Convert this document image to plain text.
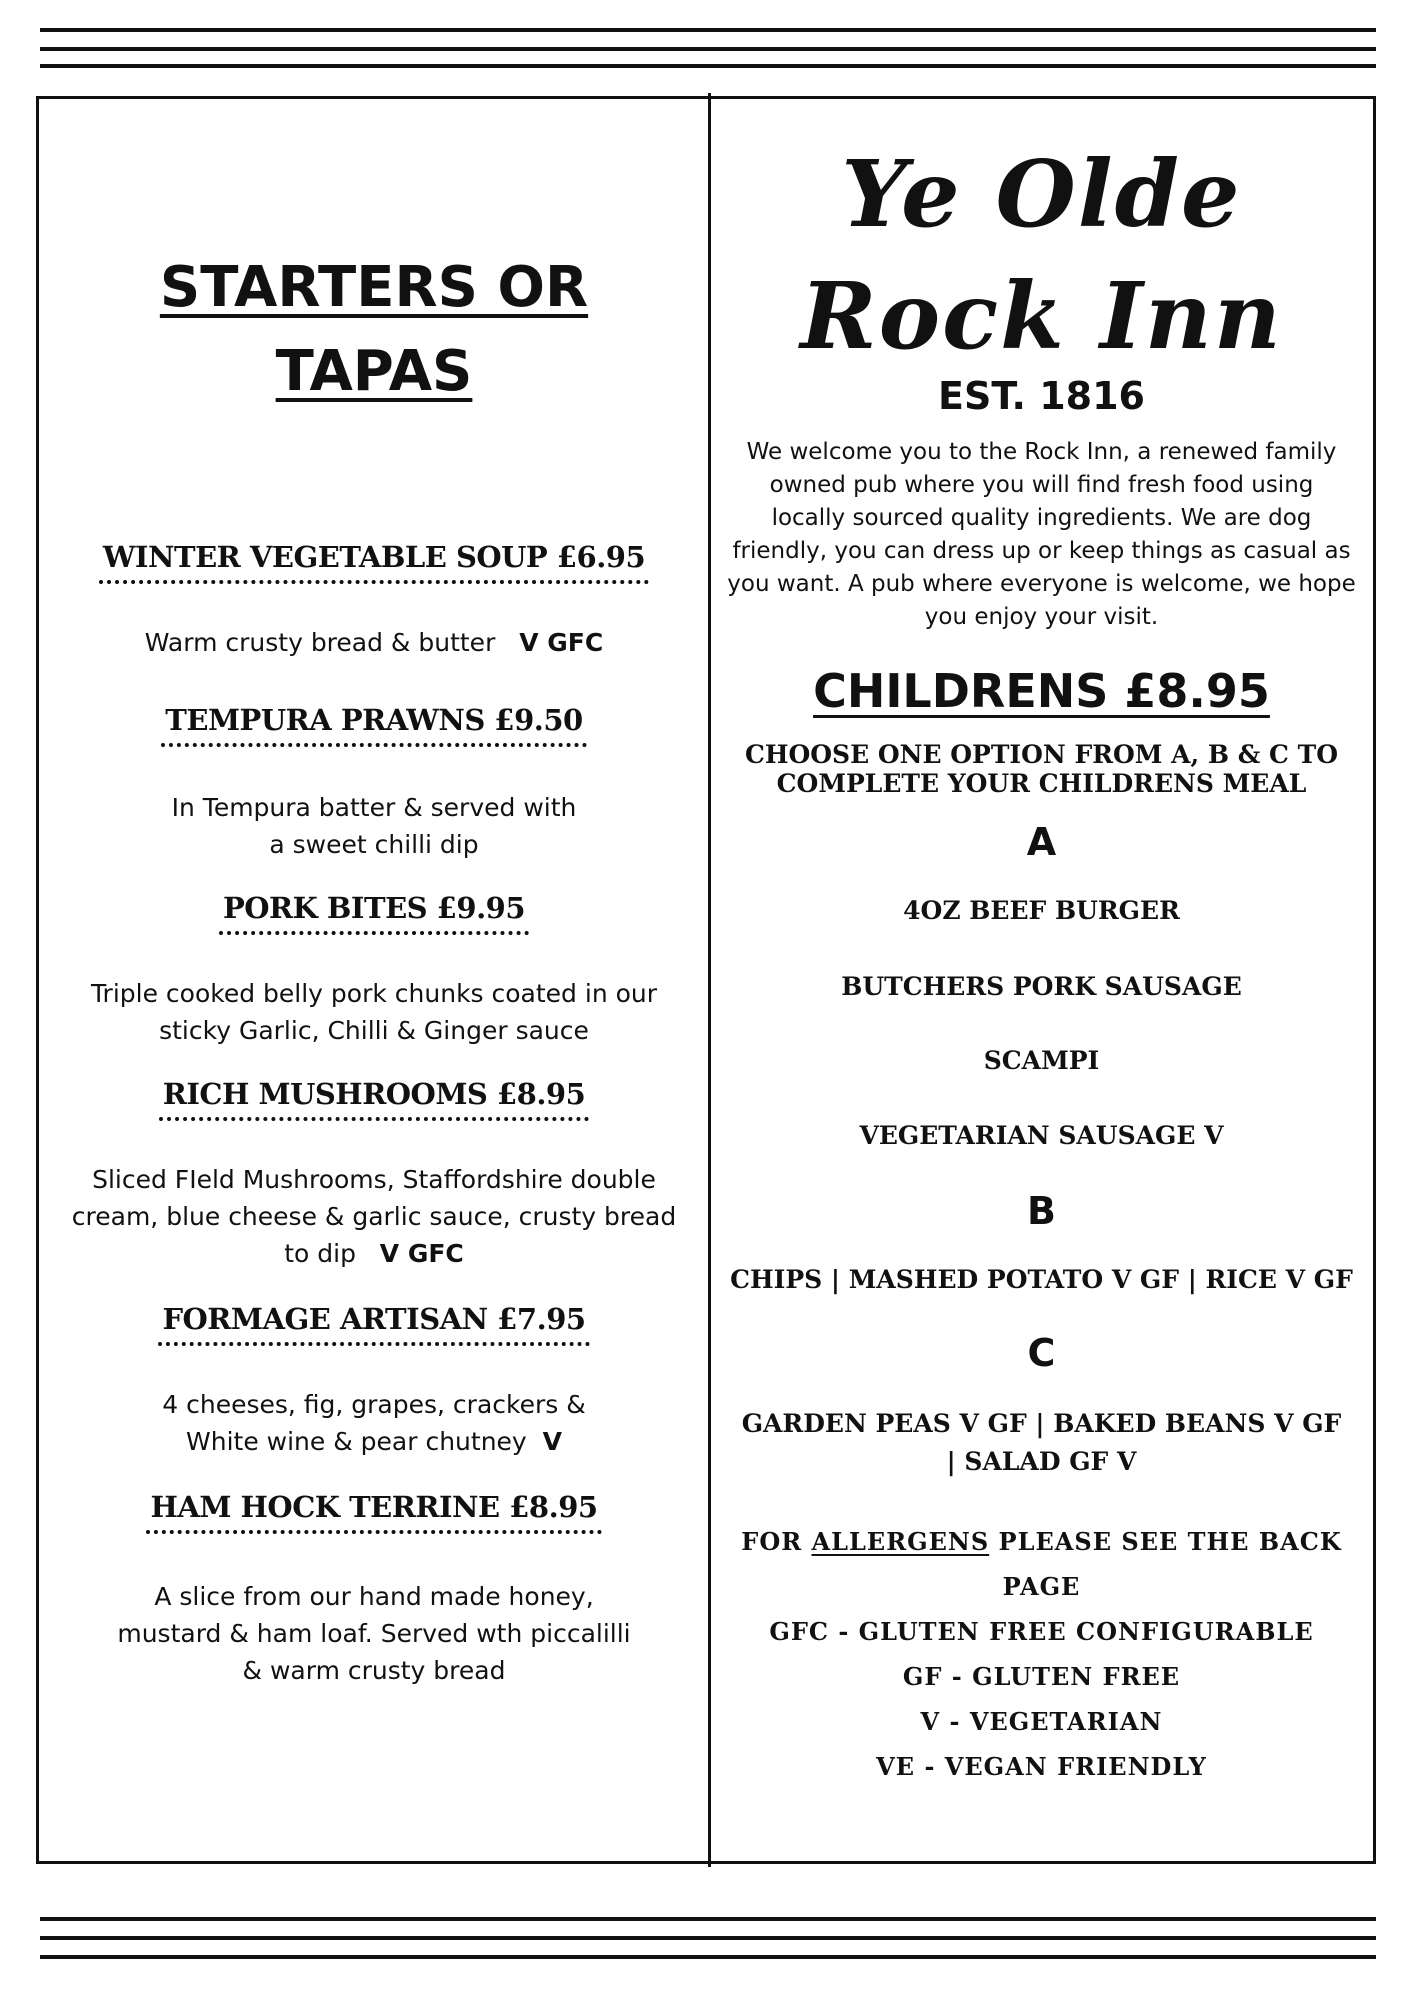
STARTERS OR
TAPAS
WINTER VEGETABLE SOUP £6.95
Warm crusty bread & butter V GFC
TEMPURA PRAWNS £9.50
In Tempura batter & served with
a sweet chilli dip
PORK BITES £9.95
Triple cooked belly pork chunks coated in our
sticky Garlic, Chilli & Ginger sauce
RICH MUSHROOMS £8.95
Sliced FIeld Mushrooms, Staffordshire double
cream, blue cheese & garlic sauce, crusty bread
to dip V GFC
FORMAGE ARTISAN £7.95
4 cheeses, fig, grapes, crackers &
White wine & pear chutney V
HAM HOCK TERRINE £8.95
A slice from our hand made honey,
mustard & ham loaf. Served wth piccalilli
& warm crusty bread
Ye Olde
Rock Inn
EST. 1816
We welcome you to the Rock Inn, a renewed family
owned pub where you will find fresh food using
locally sourced quality ingredients. We are dog
friendly, you can dress up or keep things as casual as
you want. A pub where everyone is welcome, we hope
you enjoy your visit.
CHILDRENS £8.95
CHOOSE ONE OPTION FROM A, B & C TO
COMPLETE YOUR CHILDRENS MEAL
A
4OZ BEEF BURGER
BUTCHERS PORK SAUSAGE
SCAMPI
VEGETARIAN SAUSAGE V
B
CHIPS | MASHED POTATO V GF | RICE V GF
C
GARDEN PEAS V GF | BAKED BEANS V GF
| SALAD GF V
FOR ALLERGENS PLEASE SEE THE BACK PAGE
GFC - GLUTEN FREE CONFIGURABLE
GF - GLUTEN FREE
V - VEGETARIAN
VE - VEGAN FRIENDLY
